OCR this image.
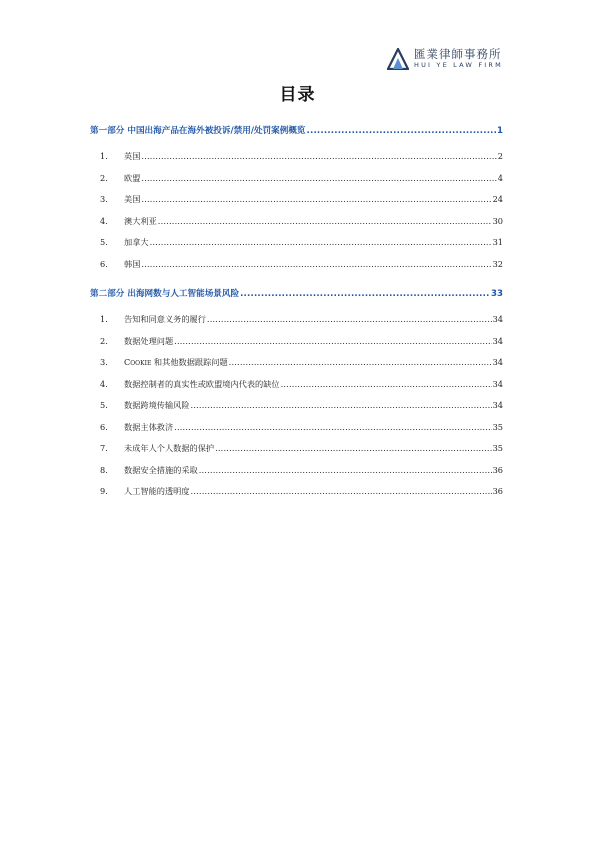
匯業律師事務所
HUI YE LAW FIRM
目录
第一部分 中国出海产品在海外被投诉/禁用/处罚案例概览 .....	1
1.	英国 .....	2
2.	欧盟 .....	4
3.	美国 .....	24
4.	澳大利亚 .....	30
5.	加拿大 .....	31
6.	韩国 .....	32
第二部分 出海网数与人工智能场景风险 .....	33
1.	告知和同意义务的履行 .....	34
2.	数据处理问题 .....	34
3.	Cookie 和其他数据跟踪问题 .....	34
4.	数据控制者的真实性或欧盟境内代表的缺位 .....	34
5.	数据跨境传输风险 .....	34
6.	数据主体救济 .....	35
7.	未成年人个人数据的保护 .....	35
8.	数据安全措施的采取 .....	36
9.	人工智能的透明度 .....	36
